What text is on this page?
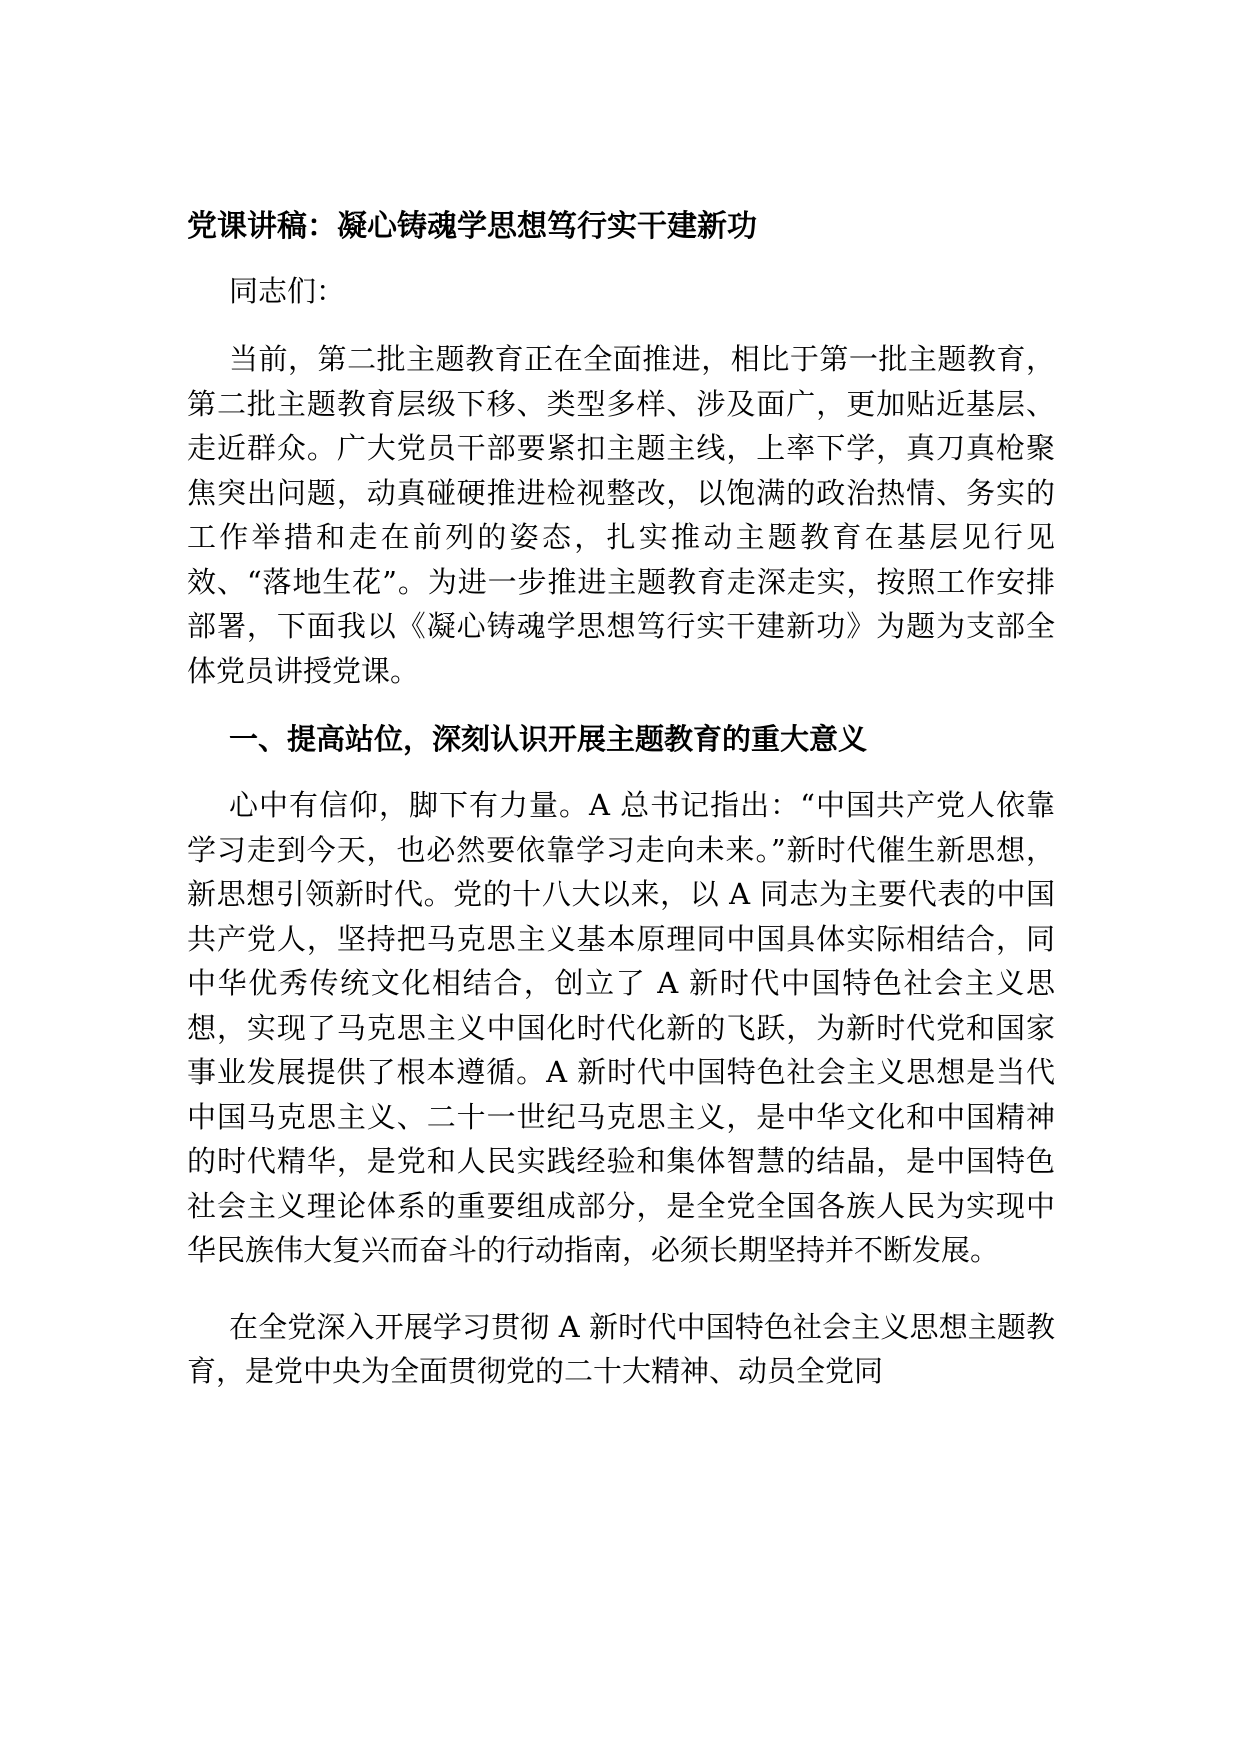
党课讲稿：凝心铸魂学思想笃行实干建新功

同志们：

当前，第二批主题教育正在全面推进，相比于第一批主题教育，第二批主题教育层级下移、类型多样、涉及面广，更加贴近基层、走近群众。广大党员干部要紧扣主题主线，上率下学，真刀真枪聚焦突出问题，动真碰硬推进检视整改，以饱满的政治热情、务实的工作举措和走在前列的姿态，扎实推动主题教育在基层见行见效、“落地生花”。为进一步推进主题教育走深走实，按照工作安排部署，下面我以《凝心铸魂学思想笃行实干建新功》为题为支部全体党员讲授党课。

一、提高站位，深刻认识开展主题教育的重大意义

心中有信仰，脚下有力量。A 总书记指出：“中国共产党人依靠学习走到今天，也必然要依靠学习走向未来。”新时代催生新思想，新思想引领新时代。党的十八大以来，以 A 同志为主要代表的中国共产党人，坚持把马克思主义基本原理同中国具体实际相结合，同中华优秀传统文化相结合，创立了 A 新时代中国特色社会主义思想，实现了马克思主义中国化时代化新的飞跃，为新时代党和国家事业发展提供了根本遵循。A 新时代中国特色社会主义思想是当代中国马克思主义、二十一世纪马克思主义，是中华文化和中国精神的时代精华，是党和人民实践经验和集体智慧的结晶，是中国特色社会主义理论体系的重要组成部分，是全党全国各族人民为实现中华民族伟大复兴而奋斗的行动指南，必须长期坚持并不断发展。

在全党深入开展学习贯彻 A 新时代中国特色社会主义思想主题教育，是党中央为全面贯彻党的二十大精神、动员全党同
